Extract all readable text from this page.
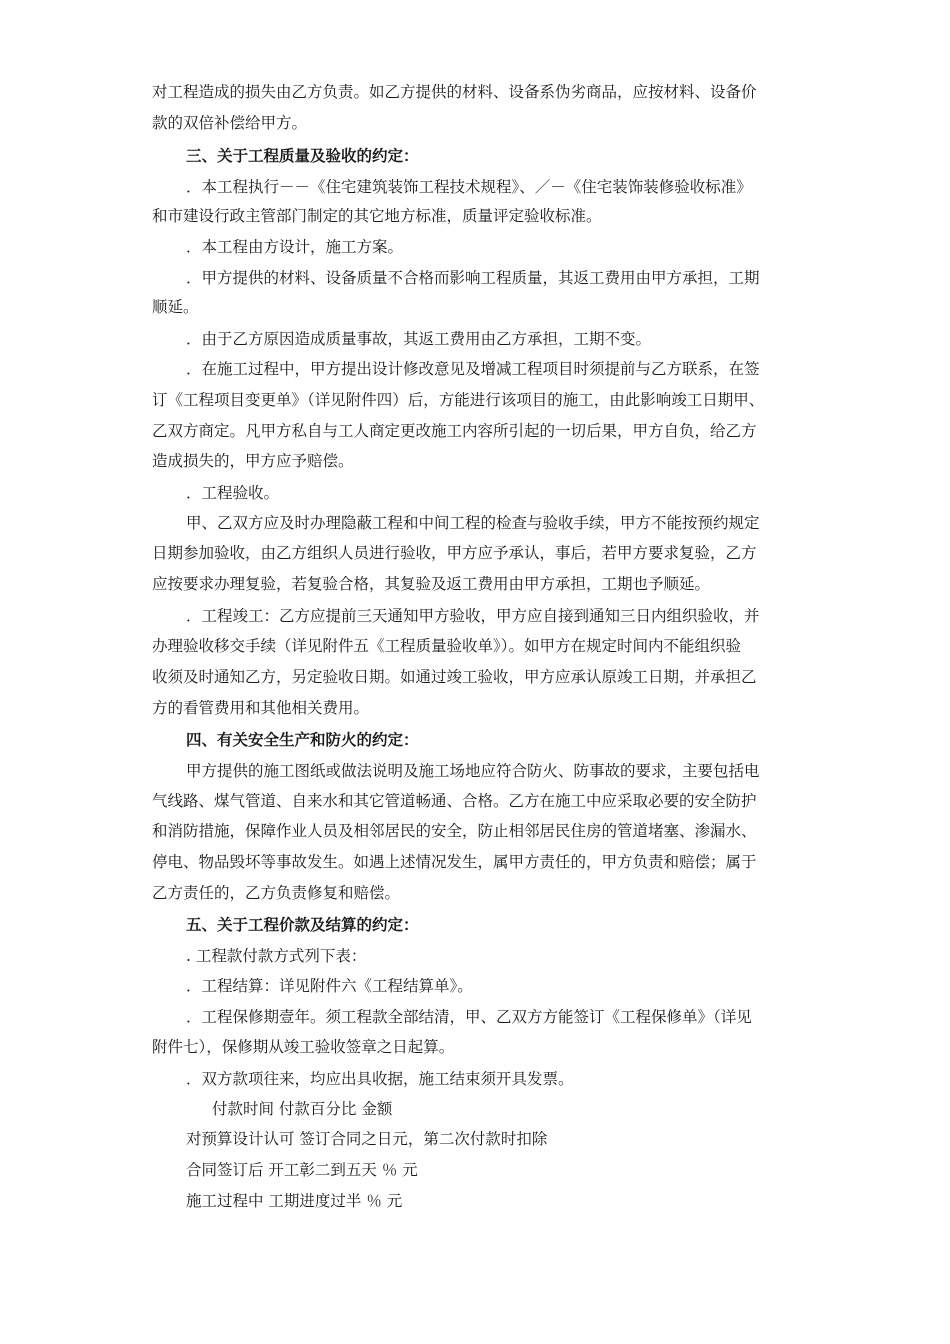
对工程造成的损失由乙方负责。如乙方提供的材料、设备系伪劣商品，应按材料、设备价
款的双倍补偿给甲方。
三、关于工程质量及验收的约定：
．本工程执行－－《住宅建筑装饰工程技术规程》、／－《住宅装饰装修验收标准》
和市建设行政主管部门制定的其它地方标准，质量评定验收标准。
．本工程由方设计，施工方案。
．甲方提供的材料、设备质量不合格而影响工程质量，其返工费用由甲方承担，工期
顺延。
．由于乙方原因造成质量事故，其返工费用由乙方承担，工期不变。
．在施工过程中，甲方提出设计修改意见及增减工程项目时须提前与乙方联系，在签
订《工程项目变更单》（详见附件四）后，方能进行该项目的施工，由此影响竣工日期甲、
乙双方商定。凡甲方私自与工人商定更改施工内容所引起的一切后果，甲方自负，给乙方
造成损失的，甲方应予赔偿。
．工程验收。
甲、乙双方应及时办理隐蔽工程和中间工程的检查与验收手续，甲方不能按预约规定
日期参加验收，由乙方组织人员进行验收，甲方应予承认，事后，若甲方要求复验，乙方
应按要求办理复验，若复验合格，其复验及返工费用由甲方承担，工期也予顺延。
．工程竣工：乙方应提前三天通知甲方验收，甲方应自接到通知三日内组织验收，并
办理验收移交手续（详见附件五《工程质量验收单》）。如甲方在规定时间内不能组织验
收须及时通知乙方，另定验收日期。如通过竣工验收，甲方应承认原竣工日期，并承担乙
方的看管费用和其他相关费用。
四、有关安全生产和防火的约定：
甲方提供的施工图纸或做法说明及施工场地应符合防火、防事故的要求，主要包括电
气线路、煤气管道、自来水和其它管道畅通、合格。乙方在施工中应采取必要的安全防护
和消防措施，保障作业人员及相邻居民的安全，防止相邻居民住房的管道堵塞、渗漏水、
停电、物品毁坏等事故发生。如遇上述情况发生，属甲方责任的，甲方负责和赔偿；属于
乙方责任的，乙方负责修复和赔偿。
五、关于工程价款及结算的约定：
. 工程款付款方式列下表：
．工程结算：详见附件六《工程结算单》。
．工程保修期壹年。须工程款全部结清，甲、乙双方方能签订《工程保修单》（详见
附件七），保修期从竣工验收签章之日起算。
．双方款项往来，均应出具收据，施工结束须开具发票。
付款时间 付款百分比 金额
对预算设计认可 签订合同之日元，第二次付款时扣除
合同签订后 开工彰二到五天 ％ 元
施工过程中 工期进度过半 ％ 元
